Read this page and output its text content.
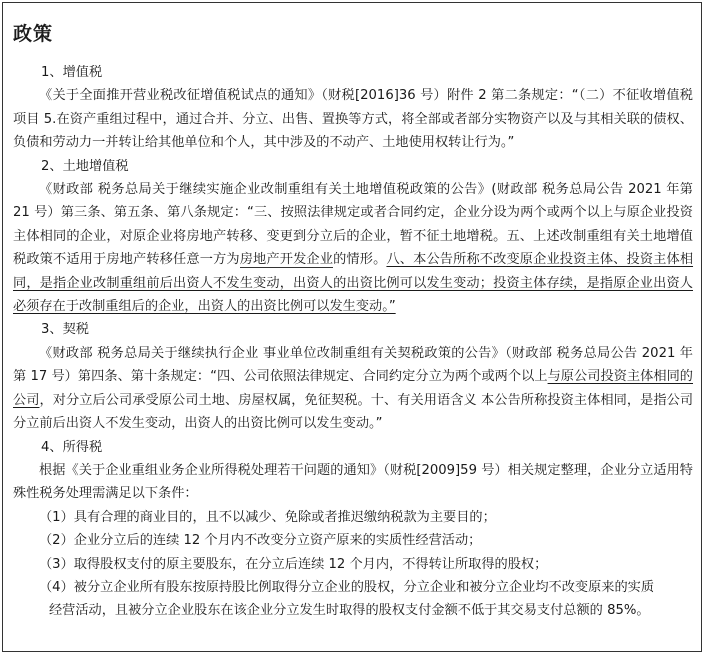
政策

1、增值税

《关于全面推开营业税改征增值税试点的通知》（财税[2016]36 号）附件 2 第二条规定：“（二）不征收增值税项目 5.在资产重组过程中，通过合并、分立、出售、置换等方式，将全部或者部分实物资产以及与其相关联的债权、负债和劳动力一并转让给其他单位和个人，其中涉及的不动产、土地使用权转让行为。”

2、土地增值税

《财政部 税务总局关于继续实施企业改制重组有关土地增值税政策的公告》(财政部 税务总局公告 2021 年第 21 号）第三条、第五条、第八条规定：“三、按照法律规定或者合同约定，企业分设为两个或两个以上与原企业投资主体相同的企业，对原企业将房地产转移、变更到分立后的企业，暂不征土地增税。五、上述改制重组有关土地增值税政策不适用于房地产转移任意一方为房地产开发企业的情形。八、本公告所称不改变原企业投资主体、投资主体相同，是指企业改制重组前后出资人不发生变动，出资人的出资比例可以发生变动；投资主体存续，是指原企业出资人必须存在于改制重组后的企业，出资人的出资比例可以发生变动。”

3、契税

《财政部 税务总局关于继续执行企业 事业单位改制重组有关契税政策的公告》（财政部 税务总局公告 2021 年第 17 号）第四条、第十条规定：“四、公司依照法律规定、合同约定分立为两个或两个以上与原公司投资主体相同的公司，对分立后公司承受原公司土地、房屋权属，免征契税。十、有关用语含义 本公告所称投资主体相同，是指公司分立前后出资人不发生变动，出资人的出资比例可以发生变动。”

4、所得税

根据《关于企业重组业务企业所得税处理若干问题的通知》（财税[2009]59 号）相关规定整理，企业分立适用特殊性税务处理需满足以下条件：

（1）具有合理的商业目的，且不以减少、免除或者推迟缴纳税款为主要目的；

（2）企业分立后的连续 12 个月内不改变分立资产原来的实质性经营活动；

（3）取得股权支付的原主要股东，在分立后连续 12 个月内，不得转让所取得的股权；

（4）被分立企业所有股东按原持股比例取得分立企业的股权，分立企业和被分立企业均不改变原来的实质

经营活动，且被分立企业股东在该企业分立发生时取得的股权支付金额不低于其交易支付总额的 85%。
